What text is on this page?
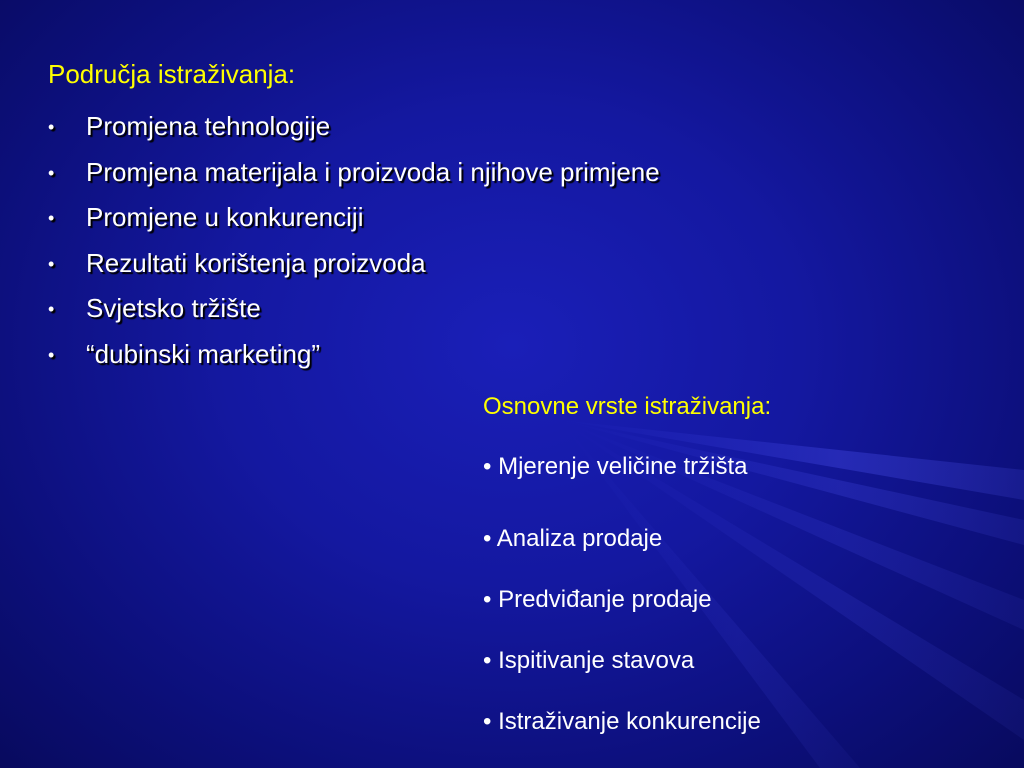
Područja istraživanja:
• Promjena tehnologije
• Promjena materijala i proizvoda i njihove primjene
• Promjene u konkurenciji
• Rezultati korištenja proizvoda
• Svjetsko tržište
• “dubinski marketing”
Osnovne vrste istraživanja:
• Mjerenje veličine tržišta
• Analiza prodaje
• Predviđanje prodaje
• Ispitivanje stavova
• Istraživanje konkurencije
